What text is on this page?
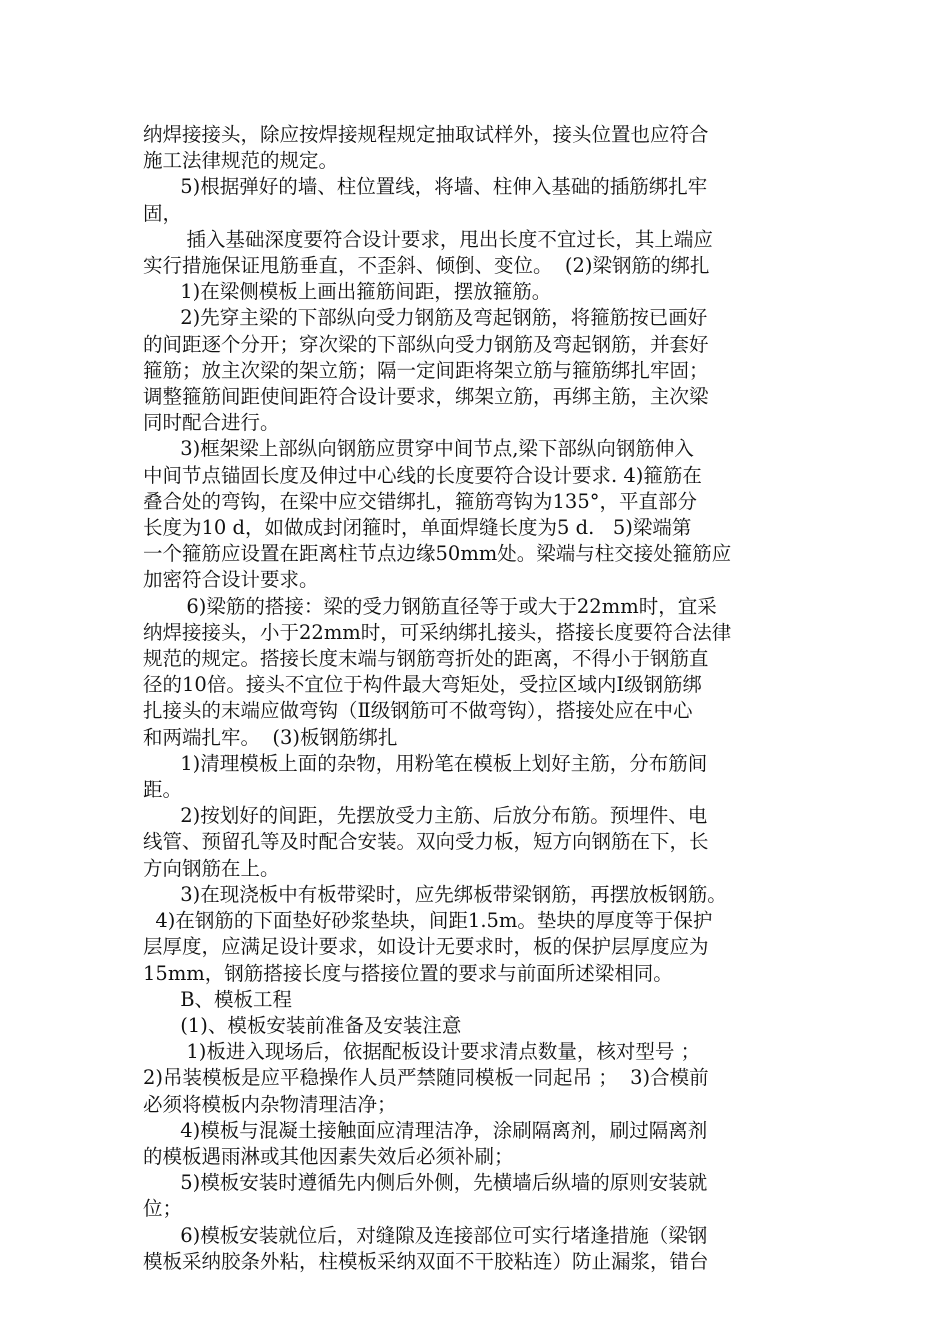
纳焊接接头，除应按焊接规程规定抽取试样外，接头位置也应符合
施工法律规范的规定。
5)根据弹好的墙、柱位置线，将墙、柱伸入基础的插筋绑扎牢
固，
插入基础深度要符合设计要求，甩出长度不宜过长，其上端应
实行措施保证甩筋垂直，不歪斜、倾倒、变位。  (2)梁钢筋的绑扎
1)在梁侧模板上画出箍筋间距，摆放箍筋。
2)先穿主梁的下部纵向受力钢筋及弯起钢筋，将箍筋按已画好
的间距逐个分开；穿次梁的下部纵向受力钢筋及弯起钢筋，并套好
箍筋；放主次梁的架立筋；隔一定间距将架立筋与箍筋绑扎牢固；
调整箍筋间距使间距符合设计要求，绑架立筋，再绑主筋，主次梁
同时配合进行。
3)框架梁上部纵向钢筋应贯穿中间节点,梁下部纵向钢筋伸入
中间节点锚固长度及伸过中心线的长度要符合设计要求. 4)箍筋在
叠合处的弯钩，在梁中应交错绑扎，箍筋弯钩为135°，平直部分
长度为10 d，如做成封闭箍时，单面焊缝长度为5 d.   5)梁端第
一个箍筋应设置在距离柱节点边缘50mm处。梁端与柱交接处箍筋应
加密符合设计要求。
6)梁筋的搭接：梁的受力钢筋直径等于或大于22mm时，宜采
纳焊接接头，小于22mm时，可采纳绑扎接头，搭接长度要符合法律
规范的规定。搭接长度末端与钢筋弯折处的距离，不得小于钢筋直
径的10倍。接头不宜位于构件最大弯矩处，受拉区域内Ⅰ级钢筋绑
扎接头的末端应做弯钩（Ⅱ级钢筋可不做弯钩），搭接处应在中心
和两端扎牢。  (3)板钢筋绑扎
1)清理模板上面的杂物，用粉笔在模板上划好主筋，分布筋间
距。
2)按划好的间距，先摆放受力主筋、后放分布筋。预埋件、电
线管、预留孔等及时配合安装。双向受力板，短方向钢筋在下，长
方向钢筋在上。
3)在现浇板中有板带梁时，应先绑板带梁钢筋，再摆放板钢筋。
4)在钢筋的下面垫好砂浆垫块，间距1.5m。垫块的厚度等于保护
层厚度，应满足设计要求，如设计无要求时，板的保护层厚度应为
15mm，钢筋搭接长度与搭接位置的要求与前面所述梁相同。
B、模板工程
(1)、模板安装前准备及安装注意
1)板进入现场后，依据配板设计要求清点数量，核对型号 ；
2)吊装模板是应平稳操作人员严禁随同模板一同起吊 ；  3)合模前
必须将模板内杂物清理洁净；
4)模板与混凝土接触面应清理洁净，涂刷隔离剂，刷过隔离剂
的模板遇雨淋或其他因素失效后必须补刷；
5)模板安装时遵循先内侧后外侧，先横墙后纵墙的原则安装就
位；
6)模板安装就位后，对缝隙及连接部位可实行堵逢措施（梁钢
模板采纳胶条外粘，柱模板采纳双面不干胶粘连）防止漏浆，错台
